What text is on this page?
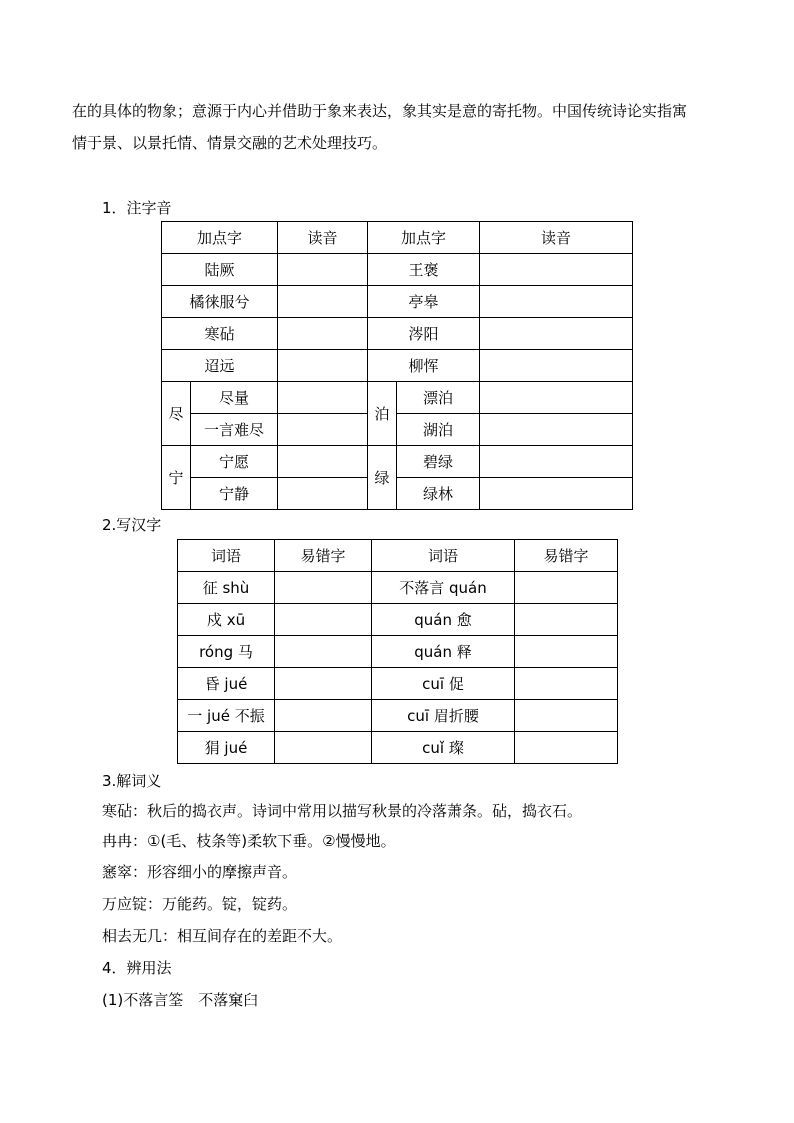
在的具体的物象；意源于内心并借助于象来表达，象其实是意的寄托物。中国传统诗论实指寓
情于景、以景托情、情景交融的艺术处理技巧。

1．注字音

加点字		读音	加点字		读音
陆厥			王褒		
橘徕服兮			亭皋		
寒砧			涔阳		
迢远			柳恽		
尽	尽量		泊	漂泊	
	一言难尽			湖泊	
宁	宁愿		绿	碧绿	
	宁静			绿林	

2.写汉字

词语	易错字	词语	易错字
征 shù		不落言 quán	
戍 xū		quán 愈	
róng 马		quán 释	
昏 jué		cuī 促	
一 jué 不振		cuī 眉折腰	
狷 jué		cuǐ 璨	

3.解词义

寒砧：秋后的捣衣声。诗词中常用以描写秋景的冷落萧条。砧，捣衣石。

冉冉：①(毛、枝条等)柔软下垂。②慢慢地。

窸窣：形容细小的摩擦声音。

万应锭：万能药。锭，锭药。

相去无几：相互间存在的差距不大。

4．辨用法

(1)不落言筌　不落窠臼
